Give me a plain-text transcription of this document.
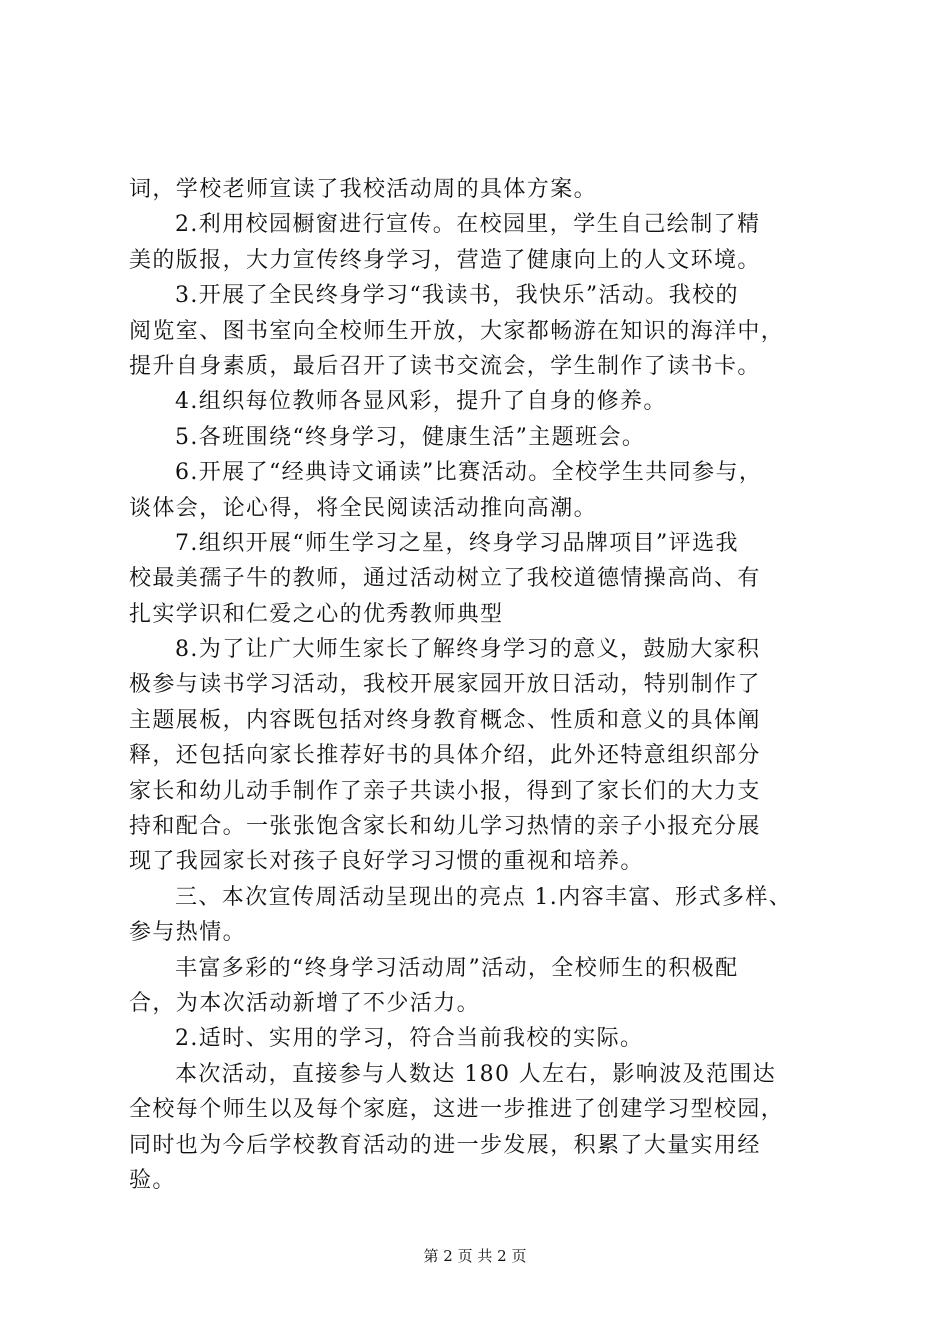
词，学校老师宣读了我校活动周的具体方案。
2.利用校园橱窗进行宣传。在校园里，学生自己绘制了精
美的版报，大力宣传终身学习，营造了健康向上的人文环境。
3.开展了全民终身学习“我读书，我快乐”活动。我校的
阅览室、图书室向全校师生开放，大家都畅游在知识的海洋中，
提升自身素质，最后召开了读书交流会，学生制作了读书卡。
4.组织每位教师各显风彩，提升了自身的修养。
5.各班围绕“终身学习，健康生活”主题班会。
6.开展了“经典诗文诵读”比赛活动。全校学生共同参与，
谈体会，论心得，将全民阅读活动推向高潮。
7.组织开展“师生学习之星，终身学习品牌项目”评选我
校最美孺子牛的教师，通过活动树立了我校道德情操高尚、有
扎实学识和仁爱之心的优秀教师典型
8.为了让广大师生家长了解终身学习的意义，鼓励大家积
极参与读书学习活动，我校开展家园开放日活动，特别制作了
主题展板，内容既包括对终身教育概念、性质和意义的具体阐
释，还包括向家长推荐好书的具体介绍，此外还特意组织部分
家长和幼儿动手制作了亲子共读小报，得到了家长们的大力支
持和配合。一张张饱含家长和幼儿学习热情的亲子小报充分展
现了我园家长对孩子良好学习习惯的重视和培养。
三、本次宣传周活动呈现出的亮点 1.内容丰富、形式多样、
参与热情。
丰富多彩的“终身学习活动周”活动，全校师生的积极配
合，为本次活动新增了不少活力。
2.适时、实用的学习，符合当前我校的实际。
本次活动，直接参与人数达 180 人左右，影响波及范围达
全校每个师生以及每个家庭，这进一步推进了创建学习型校园，
同时也为今后学校教育活动的进一步发展，积累了大量实用经
验。
第 2 页 共 2 页
